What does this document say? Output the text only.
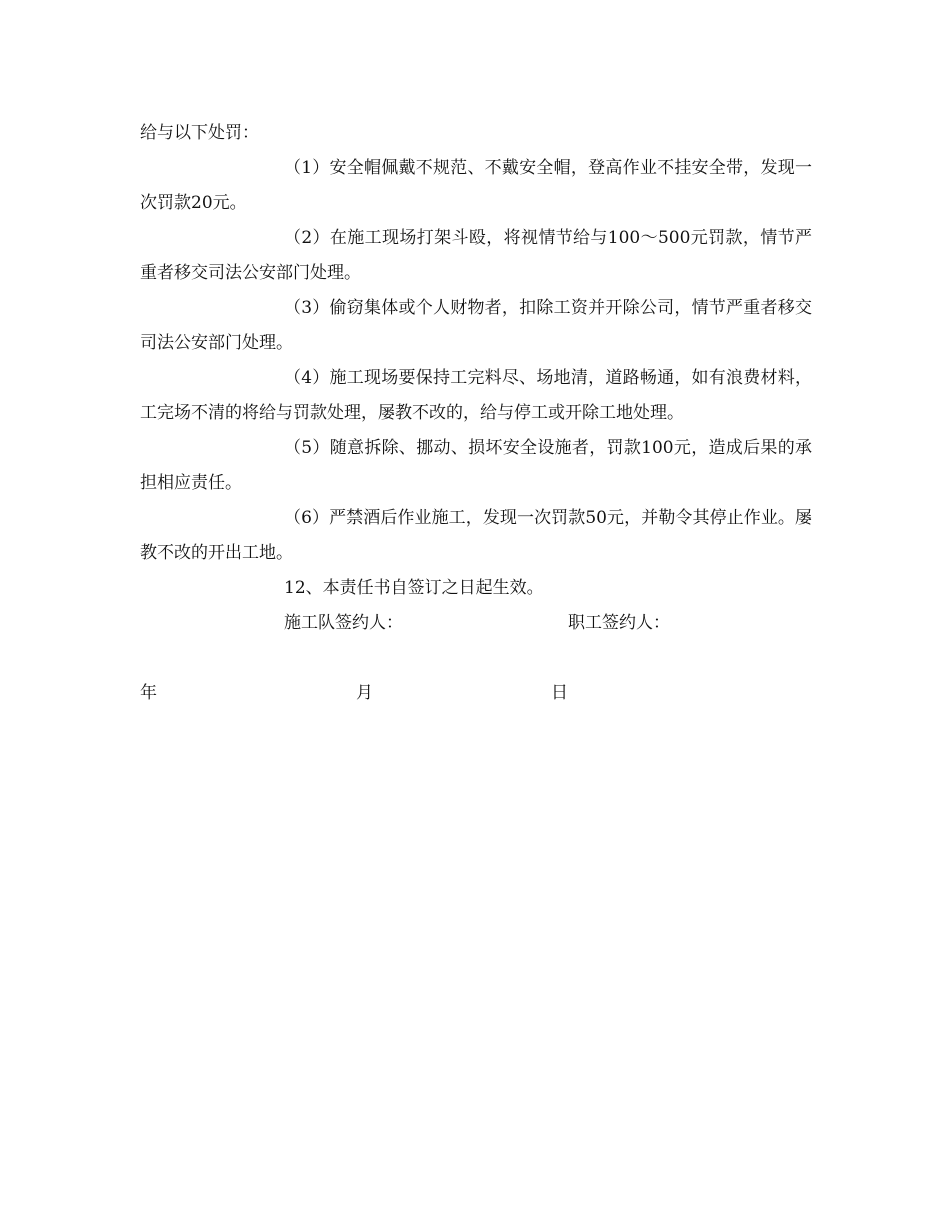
给与以下处罚：

（1）安全帽佩戴不规范、不戴安全帽，登高作业不挂安全带，发现一次罚款20元。

（2）在施工现场打架斗殴，将视情节给与100～500元罚款，情节严重者移交司法公安部门处理。

（3）偷窃集体或个人财物者，扣除工资并开除公司，情节严重者移交司法公安部门处理。

（4）施工现场要保持工完料尽、场地清，道路畅通，如有浪费材料，工完场不清的将给与罚款处理，屡教不改的，给与停工或开除工地处理。

（5）随意拆除、挪动、损坏安全设施者，罚款100元，造成后果的承担相应责任。

（6）严禁酒后作业施工，发现一次罚款50元，并勒令其停止作业。屡教不改的开出工地。

12、本责任书自签订之日起生效。

施工队签约人：	职工签约人：
年	月	日
